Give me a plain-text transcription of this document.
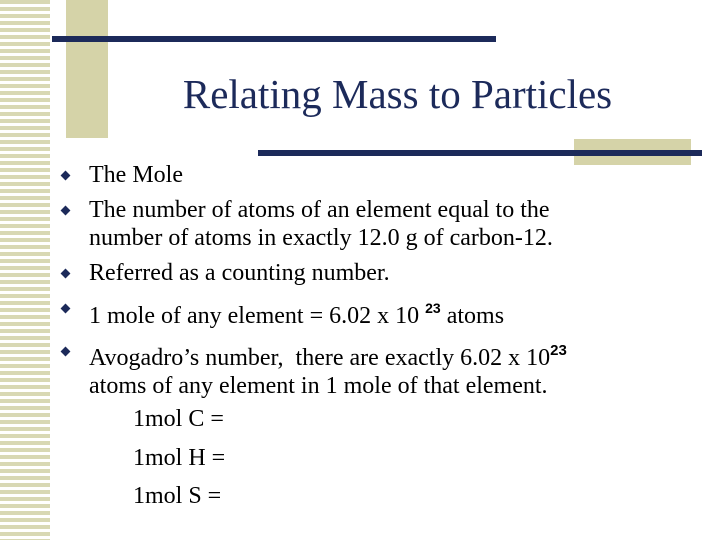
Relating Mass to Particles
The Mole
The number of atoms of an element equal to the
number of atoms in exactly 12.0 g of carbon-12.
Referred as a counting number.
1 mole of any element = 6.02 x 10 $^{23}$ atoms
Avogadro’s number,  there are exactly 6.02 x $10^{23}$
atoms of any element in 1 mole of that element.
1mol C =
1mol H =
1mol S =
